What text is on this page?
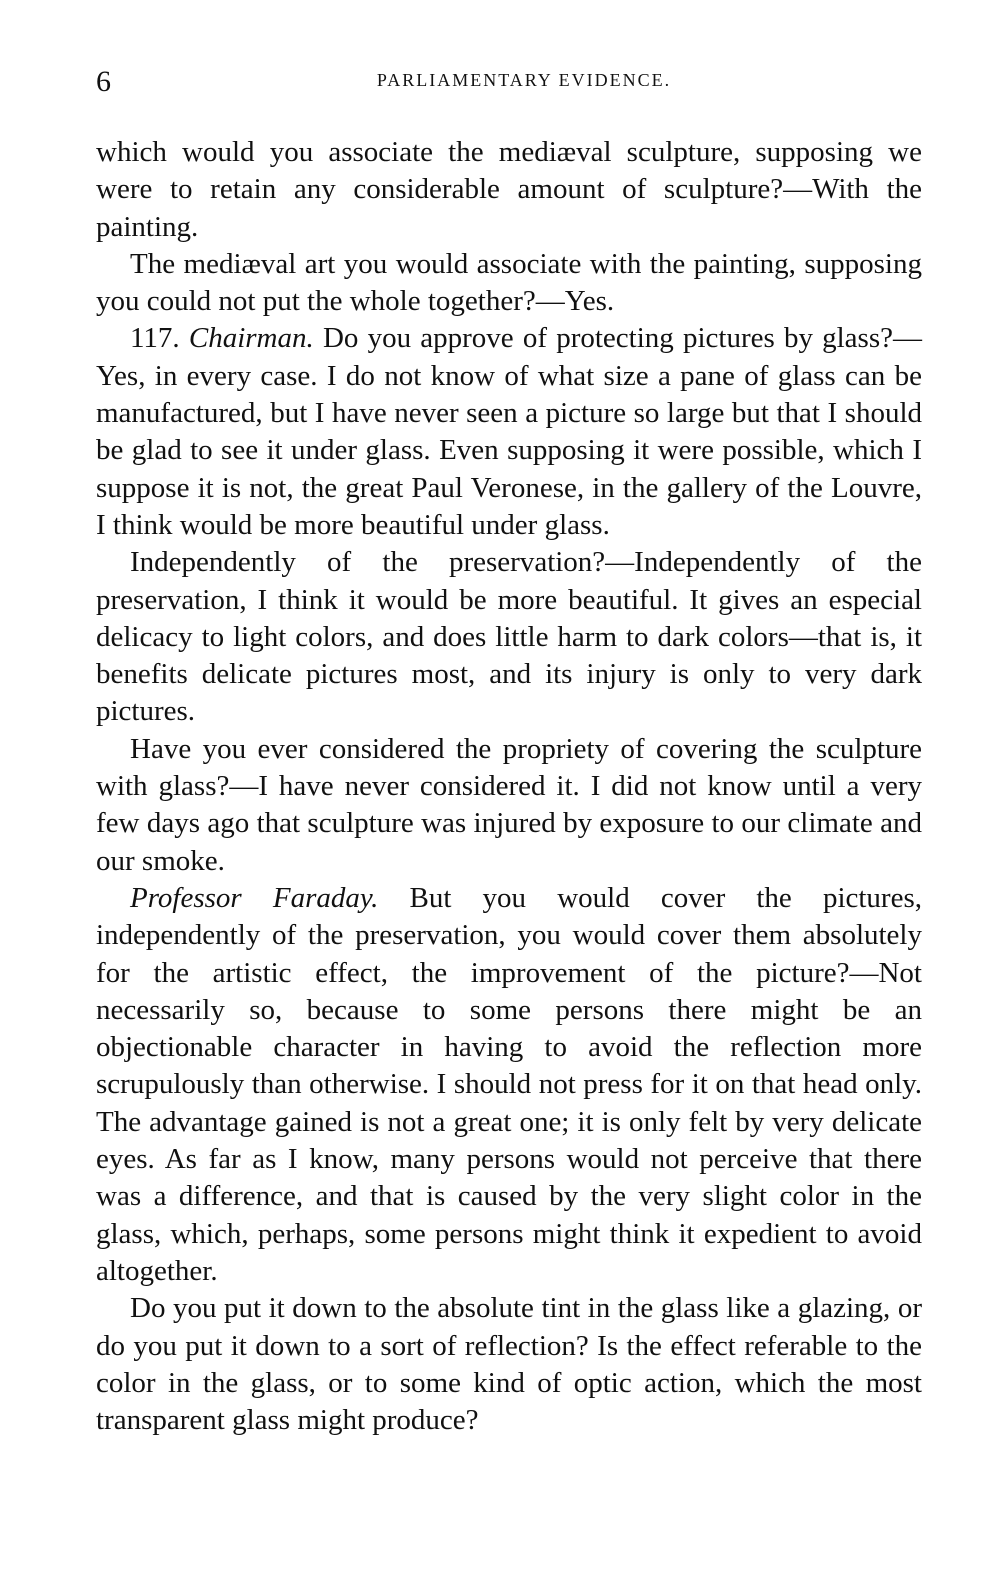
6	PARLIAMENTARY EVIDENCE.

which would you associate the mediæval sculpture, supposing we were to retain any considerable amount of sculpture?—With the painting.

The mediæval art you would associate with the painting, supposing you could not put the whole together?—Yes.

117. Chairman. Do you approve of protecting pictures by glass?—Yes, in every case. I do not know of what size a pane of glass can be manufactured, but I have never seen a picture so large but that I should be glad to see it under glass. Even supposing it were possible, which I suppose it is not, the great Paul Veronese, in the gallery of the Louvre, I think would be more beautiful under glass.

Independently of the preservation?—Independently of the preservation, I think it would be more beautiful. It gives an especial delicacy to light colors, and does little harm to dark colors—that is, it benefits delicate pictures most, and its injury is only to very dark pictures.

Have you ever considered the propriety of covering the sculpture with glass?—I have never considered it. I did not know until a very few days ago that sculpture was injured by exposure to our climate and our smoke.

Professor Faraday. But you would cover the pictures, independently of the preservation, you would cover them absolutely for the artistic effect, the improvement of the picture?—Not necessarily so, because to some persons there might be an objectionable character in having to avoid the reflection more scrupulously than otherwise. I should not press for it on that head only. The advantage gained is not a great one; it is only felt by very delicate eyes. As far as I know, many persons would not perceive that there was a difference, and that is caused by the very slight color in the glass, which, perhaps, some persons might think it expedient to avoid altogether.

Do you put it down to the absolute tint in the glass like a glazing, or do you put it down to a sort of reflection? Is the effect referable to the color in the glass, or to some kind of optic action, which the most transparent glass might produce?
